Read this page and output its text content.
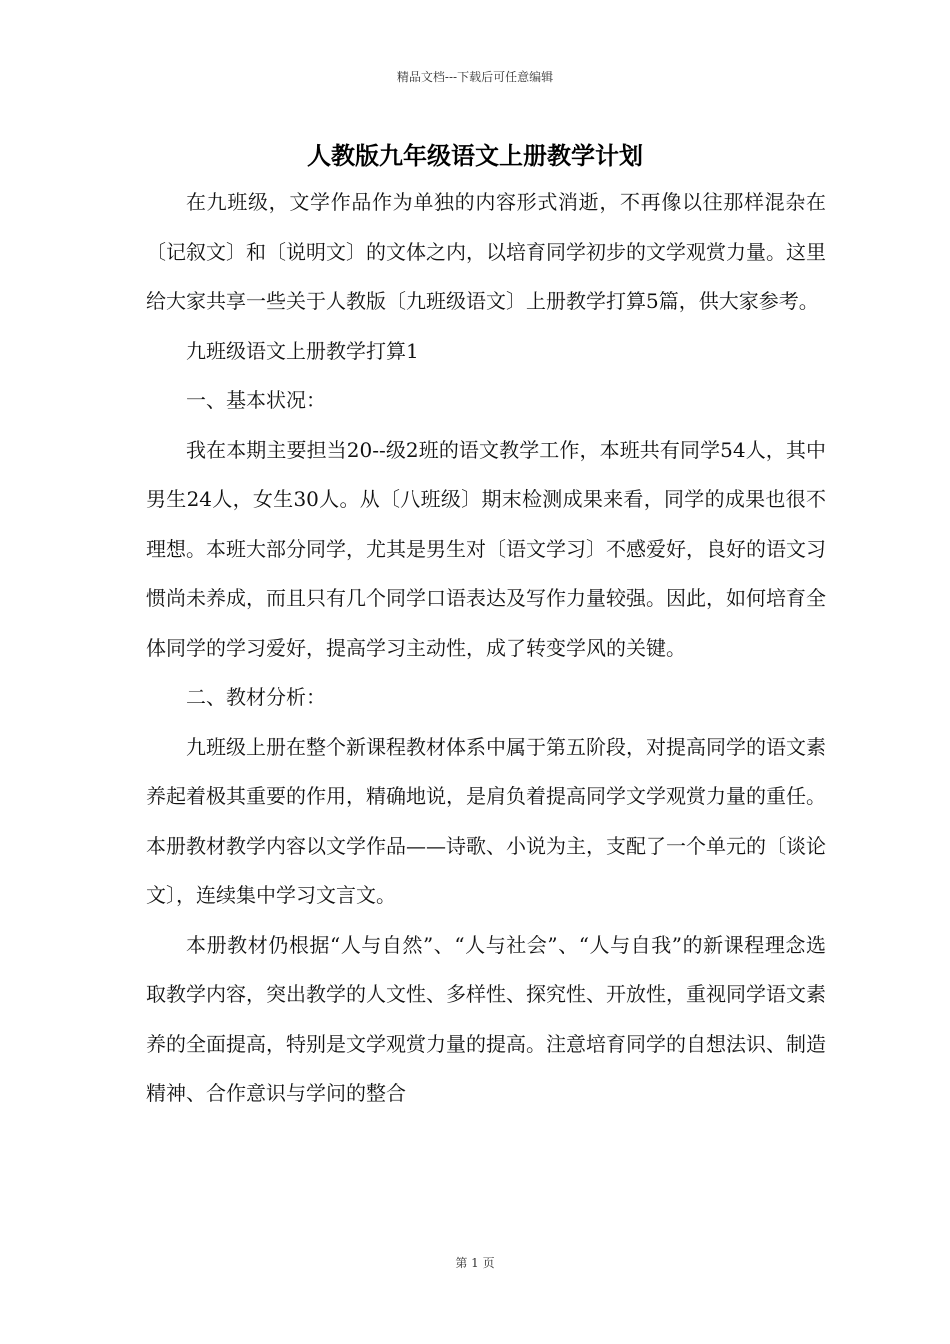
精品文档---下载后可任意编辑
人教版九年级语文上册教学计划

在九班级，文学作品作为单独的内容形式消逝，不再像以往那样混杂在〔记叙文〕和〔说明文〕的文体之内，以培育同学初步的文学观赏力量。这里给大家共享一些关于人教版〔九班级语文〕上册教学打算5篇，供大家参考。

九班级语文上册教学打算1

一、基本状况：

我在本期主要担当20--级2班的语文教学工作，本班共有同学54人，其中男生24人，女生30人。从〔八班级〕期末检测成果来看，同学的成果也很不理想。本班大部分同学，尤其是男生对〔语文学习〕不感爱好，良好的语文习惯尚未养成，而且只有几个同学口语表达及写作力量较强。因此，如何培育全体同学的学习爱好，提高学习主动性，成了转变学风的关键。

二、教材分析：

九班级上册在整个新课程教材体系中属于第五阶段，对提高同学的语文素养起着极其重要的作用，精确地说，是肩负着提高同学文学观赏力量的重任。本册教材教学内容以文学作品——诗歌、小说为主，支配了一个单元的〔谈论文〕，连续集中学习文言文。

本册教材仍根据“人与自然”、“人与社会”、“人与自我”的新课程理念选取教学内容，突出教学的人文性、多样性、探究性、开放性，重视同学语文素养的全面提高，特别是文学观赏力量的提高。注意培育同学的自想法识、制造精神、合作意识与学问的整合

第 1 页
